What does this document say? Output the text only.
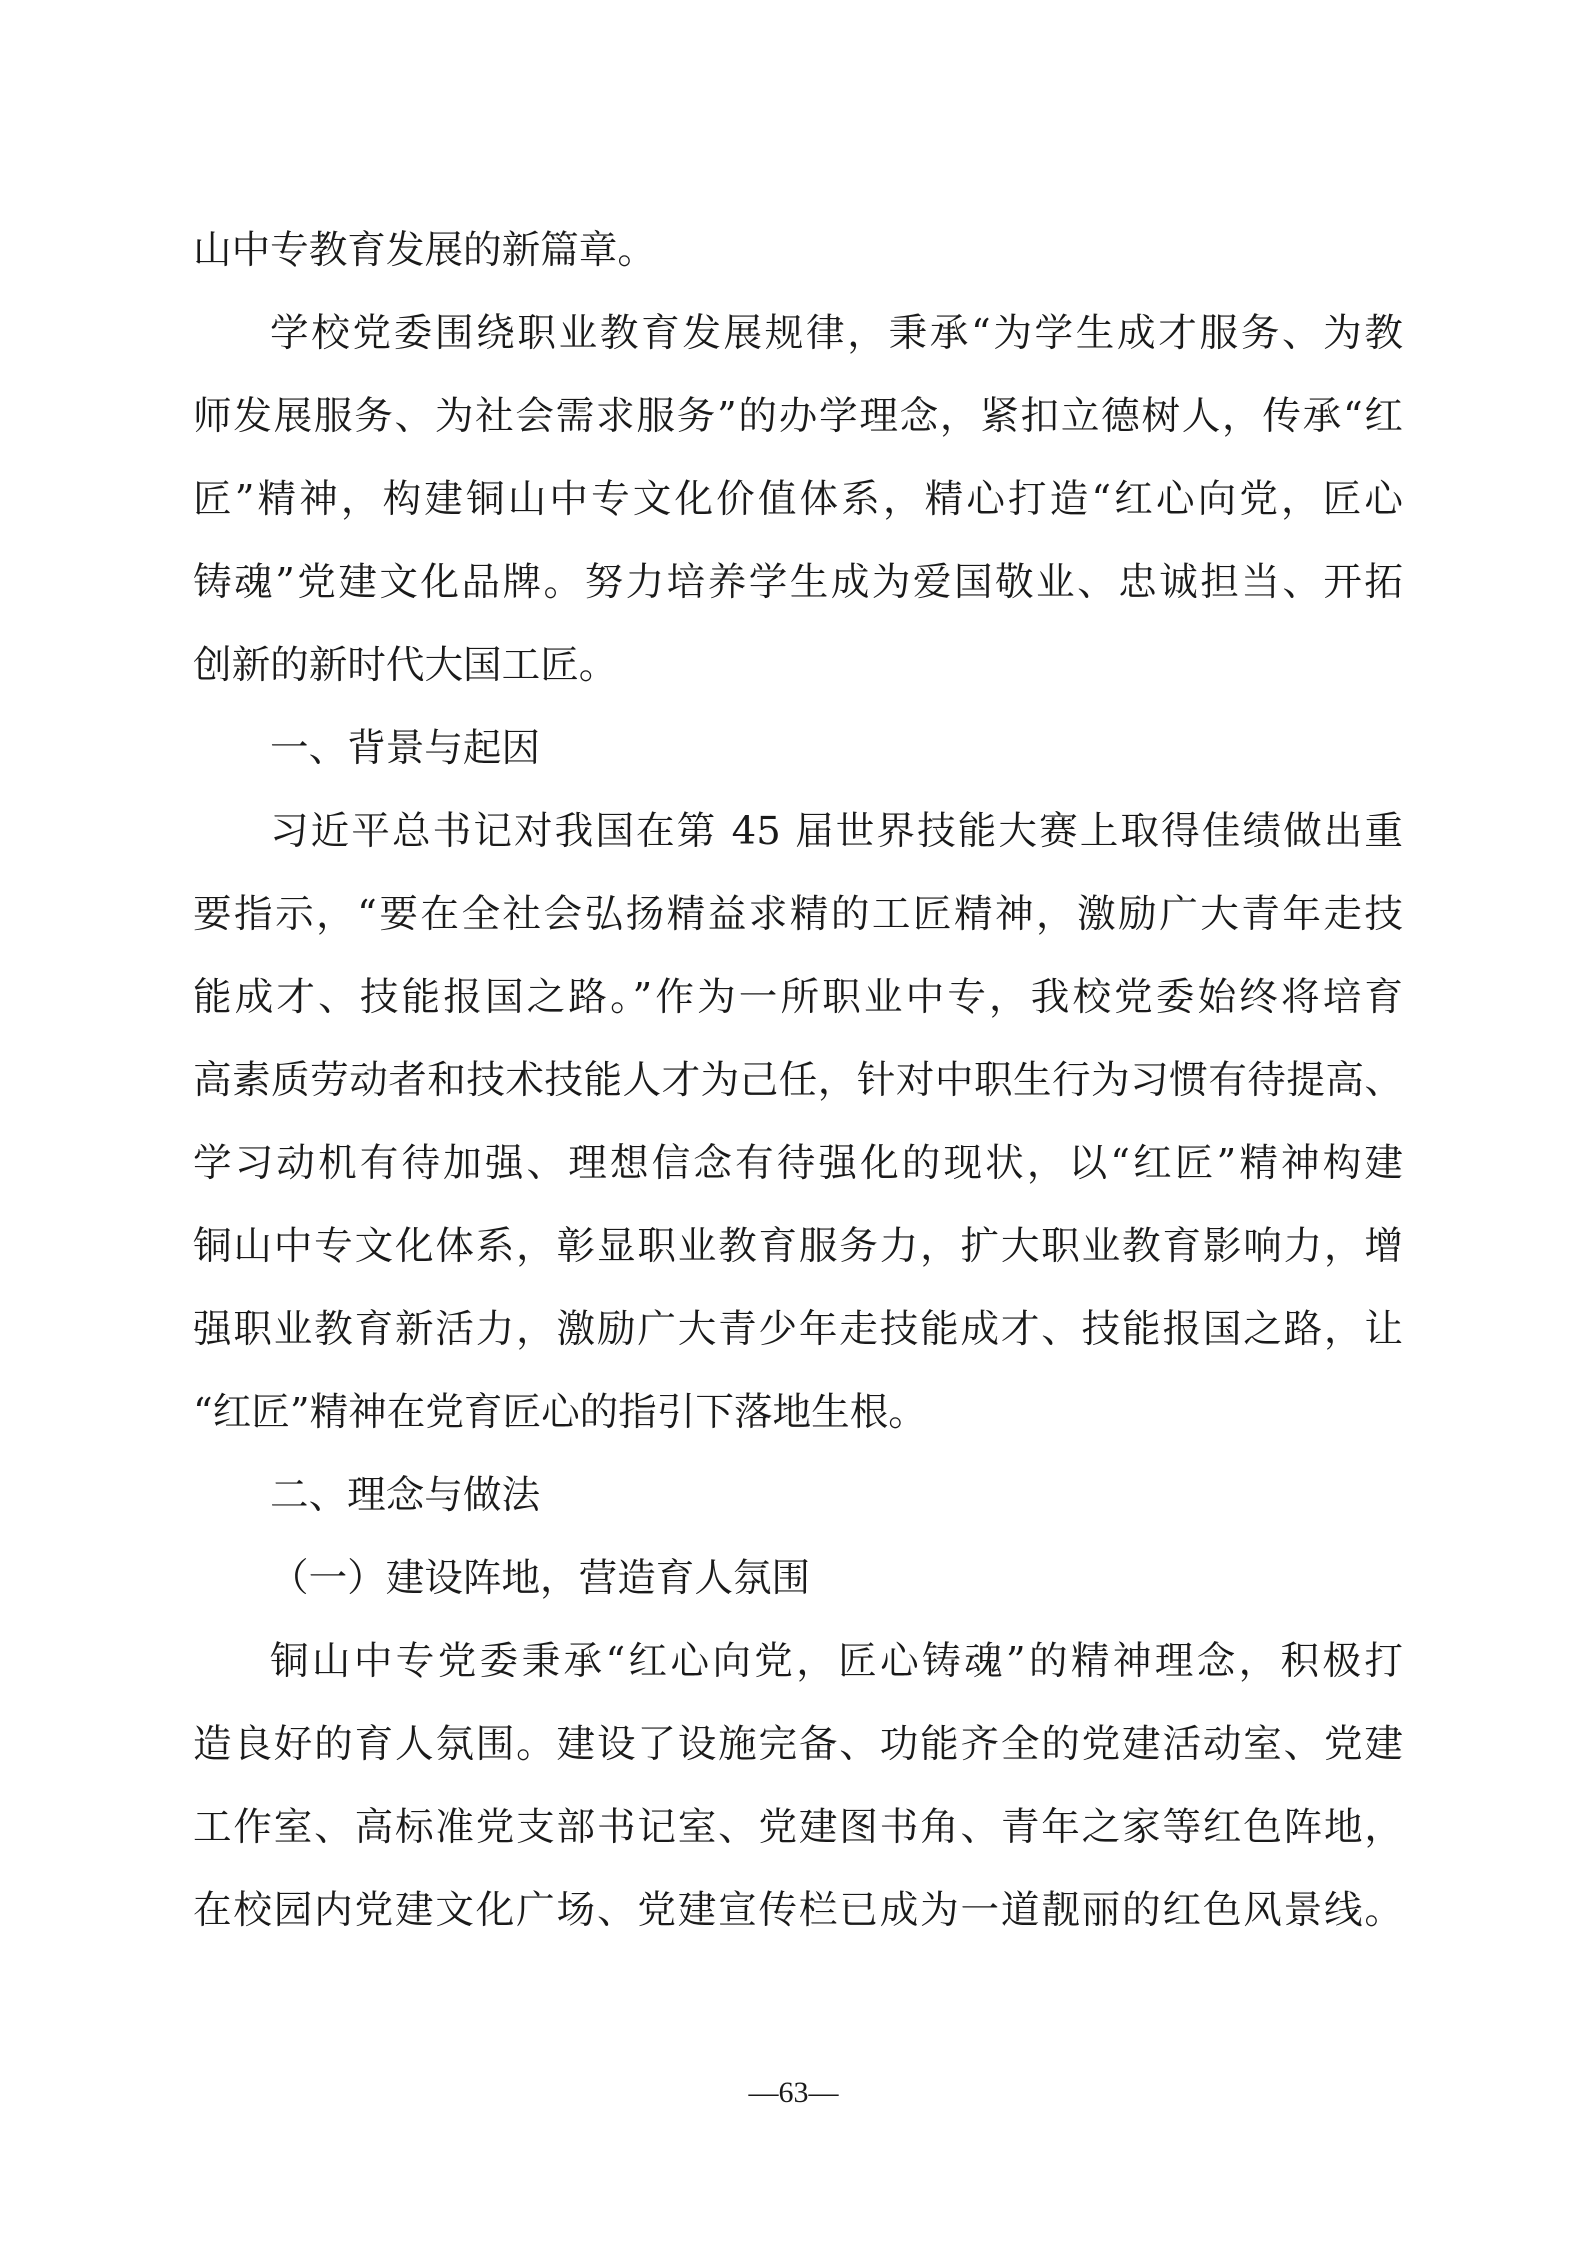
山中专教育发展的新篇章。
学校党委围绕职业教育发展规律，秉承“为学生成才服务、为教
师发展服务、为社会需求服务”的办学理念，紧扣立德树人，传承“红
匠”精神，构建铜山中专文化价值体系，精心打造“红心向党，匠心
铸魂”党建文化品牌。努力培养学生成为爱国敬业、忠诚担当、开拓
创新的新时代大国工匠。
一、背景与起因
习近平总书记对我国在第 45 届世界技能大赛上取得佳绩做出重
要指示，“要在全社会弘扬精益求精的工匠精神，激励广大青年走技
能成才、技能报国之路。”作为一所职业中专，我校党委始终将培育
高素质劳动者和技术技能人才为己任，针对中职生行为习惯有待提高、
学习动机有待加强、理想信念有待强化的现状，以“红匠”精神构建
铜山中专文化体系，彰显职业教育服务力，扩大职业教育影响力，增
强职业教育新活力，激励广大青少年走技能成才、技能报国之路，让
“红匠”精神在党育匠心的指引下落地生根。
二、理念与做法
（一）建设阵地，营造育人氛围
铜山中专党委秉承“红心向党，匠心铸魂”的精神理念，积极打
造良好的育人氛围。建设了设施完备、功能齐全的党建活动室、党建
工作室、高标准党支部书记室、党建图书角、青年之家等红色阵地，
在校园内党建文化广场、党建宣传栏已成为一道靓丽的红色风景线。
—63—
